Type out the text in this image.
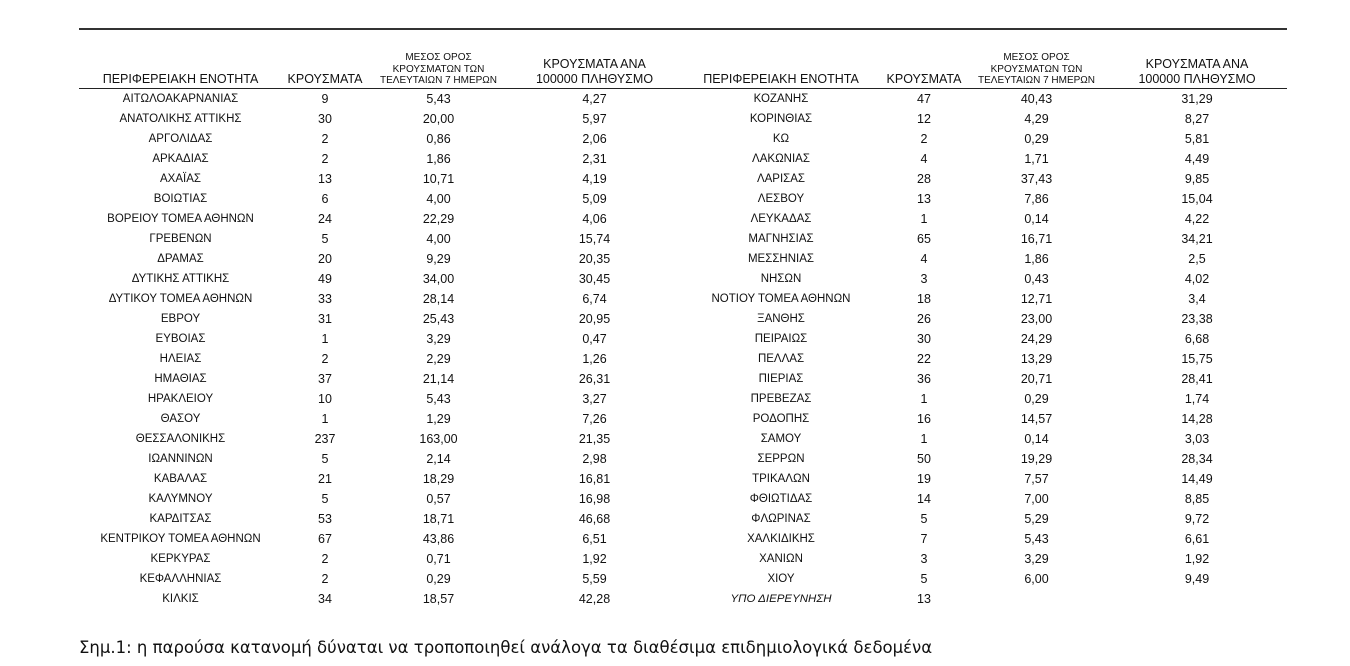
ΠΕΡΙΦΕΡΕΙΑΚΗ ΕΝΟΤΗΤΑ	ΚΡΟΥΣΜΑΤΑ	ΜΕΣΟΣ ΟΡΟΣ
ΚΡΟΥΣΜΑΤΩΝ ΤΩΝ
ΤΕΛΕΥΤΑΙΩΝ 7 ΗΜΕΡΩΝ	ΚΡΟΥΣΜΑΤΑ ΑΝΑ
100000 ΠΛΗΘΥΣΜΟ
ΑΙΤΩΛΟΑΚΑΡΝΑΝΙΑΣ	9	5,43	4,27
ΑΝΑΤΟΛΙΚΗΣ ΑΤΤΙΚΗΣ	30	20,00	5,97
ΑΡΓΟΛΙΔΑΣ	2	0,86	2,06
ΑΡΚΑΔΙΑΣ	2	1,86	2,31
ΑΧΑΪΑΣ	13	10,71	4,19
ΒΟΙΩΤΙΑΣ	6	4,00	5,09
ΒΟΡΕΙΟΥ ΤΟΜΕΑ ΑΘΗΝΩΝ	24	22,29	4,06
ΓΡΕΒΕΝΩΝ	5	4,00	15,74
ΔΡΑΜΑΣ	20	9,29	20,35
ΔΥΤΙΚΗΣ ΑΤΤΙΚΗΣ	49	34,00	30,45
ΔΥΤΙΚΟΥ ΤΟΜΕΑ ΑΘΗΝΩΝ	33	28,14	6,74
ΕΒΡΟΥ	31	25,43	20,95
ΕΥΒΟΙΑΣ	1	3,29	0,47
ΗΛΕΙΑΣ	2	2,29	1,26
ΗΜΑΘΙΑΣ	37	21,14	26,31
ΗΡΑΚΛΕΙΟΥ	10	5,43	3,27
ΘΑΣΟΥ	1	1,29	7,26
ΘΕΣΣΑΛΟΝΙΚΗΣ	237	163,00	21,35
ΙΩΑΝΝΙΝΩΝ	5	2,14	2,98
ΚΑΒΑΛΑΣ	21	18,29	16,81
ΚΑΛΥΜΝΟΥ	5	0,57	16,98
ΚΑΡΔΙΤΣΑΣ	53	18,71	46,68
ΚΕΝΤΡΙΚΟΥ ΤΟΜΕΑ ΑΘΗΝΩΝ	67	43,86	6,51
ΚΕΡΚΥΡΑΣ	2	0,71	1,92
ΚΕΦΑΛΛΗΝΙΑΣ	2	0,29	5,59
ΚΙΛΚΙΣ	34	18,57	42,28
ΠΕΡΙΦΕΡΕΙΑΚΗ ΕΝΟΤΗΤΑ	ΚΡΟΥΣΜΑΤΑ	ΜΕΣΟΣ ΟΡΟΣ
ΚΡΟΥΣΜΑΤΩΝ ΤΩΝ
ΤΕΛΕΥΤΑΙΩΝ 7 ΗΜΕΡΩΝ	ΚΡΟΥΣΜΑΤΑ ΑΝΑ
100000 ΠΛΗΘΥΣΜΟ
ΚΟΖΑΝΗΣ	47	40,43	31,29
ΚΟΡΙΝΘΙΑΣ	12	4,29	8,27
ΚΩ	2	0,29	5,81
ΛΑΚΩΝΙΑΣ	4	1,71	4,49
ΛΑΡΙΣΑΣ	28	37,43	9,85
ΛΕΣΒΟΥ	13	7,86	15,04
ΛΕΥΚΑΔΑΣ	1	0,14	4,22
ΜΑΓΝΗΣΙΑΣ	65	16,71	34,21
ΜΕΣΣΗΝΙΑΣ	4	1,86	2,5
ΝΗΣΩΝ	3	0,43	4,02
ΝΟΤΙΟΥ ΤΟΜΕΑ ΑΘΗΝΩΝ	18	12,71	3,4
ΞΑΝΘΗΣ	26	23,00	23,38
ΠΕΙΡΑΙΩΣ	30	24,29	6,68
ΠΕΛΛΑΣ	22	13,29	15,75
ΠΙΕΡΙΑΣ	36	20,71	28,41
ΠΡΕΒΕΖΑΣ	1	0,29	1,74
ΡΟΔΟΠΗΣ	16	14,57	14,28
ΣΑΜΟΥ	1	0,14	3,03
ΣΕΡΡΩΝ	50	19,29	28,34
ΤΡΙΚΑΛΩΝ	19	7,57	14,49
ΦΘΙΩΤΙΔΑΣ	14	7,00	8,85
ΦΛΩΡΙΝΑΣ	5	5,29	9,72
ΧΑΛΚΙΔΙΚΗΣ	7	5,43	6,61
ΧΑΝΙΩΝ	3	3,29	1,92
ΧΙΟΥ	5	6,00	9,49
ΥΠΟ ΔΙΕΡΕΥΝΗΣΗ	13		
Σημ.1: η παρούσα κατανομή δύναται να τροποποιηθεί ανάλογα τα διαθέσιμα επιδημιολογικά δεδομένα
